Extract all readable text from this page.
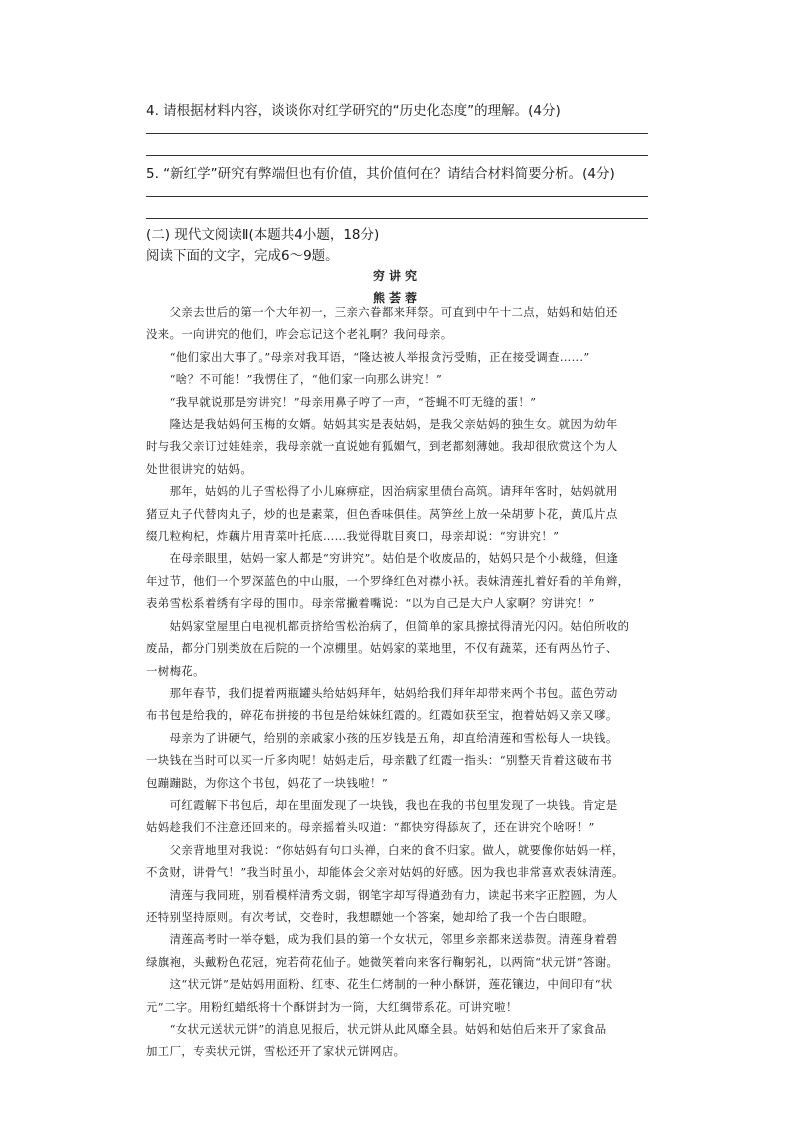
4. 请根据材料内容，谈谈你对红学研究的“历史化态度”的理解。(4分)
5. “新红学”研究有弊端但也有价值，其价值何在？请结合材料简要分析。(4分)
(二) 现代文阅读Ⅱ(本题共4小题，18分)
阅读下面的文字，完成6～9题。
穷讲究
熊荟蓉
　　父亲去世后的第一个大年初一，三亲六眷都来拜祭。可直到中午十二点，姑妈和姑伯还
没来。一向讲究的他们，咋会忘记这个老礼啊？我问母亲。
　　“他们家出大事了。”母亲对我耳语，“隆达被人举报贪污受贿，正在接受调查……”
　　“啥？不可能！”我愣住了，“他们家一向那么讲究！”
　　“我早就说那是穷讲究！”母亲用鼻子哼了一声，“苍蝇不叮无缝的蛋！”
　　隆达是我姑妈何玉梅的女婿。姑妈其实是表姑妈，是我父亲姑妈的独生女。就因为幼年
时与我父亲订过娃娃亲，我母亲就一直说她有狐媚气，到老都刻薄她。我却很欣赏这个为人
处世很讲究的姑妈。
　　那年，姑妈的儿子雪松得了小儿麻痹症，因治病家里债台高筑。请拜年客时，姑妈就用
猪豆丸子代替肉丸子，炒的也是素菜，但色香味俱佳。莴笋丝上放一朵胡萝卜花，黄瓜片点
缀几粒枸杞，炸藕片用青菜叶托底……我觉得耽目爽口，母亲却说：“穷讲究！”
　　在母亲眼里，姑妈一家人都是“穷讲究”。姑伯是个收废品的，姑妈只是个小裁缝，但逢
年过节，他们一个罗深蓝色的中山服，一个罗绛红色对襟小袄。表妹清莲扎着好看的羊角辫，
表弟雪松系着绣有字母的围巾。母亲常撇着嘴说：“以为自己是大户人家啊？穷讲究！”
　　姑妈家堂屋里白电视机都贡挤给雪松治病了，但简单的家具擦拭得清光闪闪。姑伯所收的
废品，都分门别类放在后院的一个凉棚里。姑妈家的菜地里，不仅有蔬菜，还有两丛竹子、
一树梅花。
　　那年春节，我们提着两瓶罐头给姑妈拜年，姑妈给我们拜年却带来两个书包。蓝色劳动
布书包是给我的，碎花布拼接的书包是给妹妹红霞的。红霞如获至宝，抱着姑妈又亲又嗲。
　　母亲为了讲硬气，给别的亲戚家小孩的压岁钱是五角，却直给清莲和雪松每人一块钱。
一块钱在当时可以买一斤多肉呢！姑妈走后，母亲戳了红霞一指头：“别整天肯着这破布书
包蹦蹦跶，为你这个书包，妈花了一块钱啦！”
　　可红霞解下书包后，却在里面发现了一块钱，我也在我的书包里发现了一块钱。肯定是
姑妈趁我们不注意还回来的。母亲摇着头叹道：“都快穷得舔灰了，还在讲究个啥呀！”
　　父亲背地里对我说：“你姑妈有句口头禅，白来的食不归家。做人，就要像你姑妈一样，
不贪财，讲骨气！”我当时虽小，却能体会父亲对姑妈的好感。因为我也非常喜欢表妹清莲。
　　清莲与我同班，别看模样清秀文弱，钢笔字却写得遒劲有力，读起书来字正腔圆，为人
还特别坚持原则。有次考试，交卷时，我想瞟她一个答案，她却给了我一个告白眼瞪。
　　清莲高考时一举夺魁，成为我们县的第一个女状元，邻里乡亲都来送恭贺。清莲身着碧
绿旗袍，头戴粉色花冠，宛若荷花仙子。她微笑着向来客行鞠躬礼，以两筒“状元饼”答谢。
　　这“状元饼”是姑妈用面粉、红枣、花生仁烤制的一种小酥饼，莲花镶边，中间印有“状
元”二字。用粉红蜡纸将十个酥饼封为一筒，大红绸带系花。可讲究啦！
　　“女状元送状元饼”的消息见报后，状元饼从此风靡全县。姑妈和姑伯后来开了家食品
加工厂，专卖状元饼，雪松还开了家状元饼网店。
